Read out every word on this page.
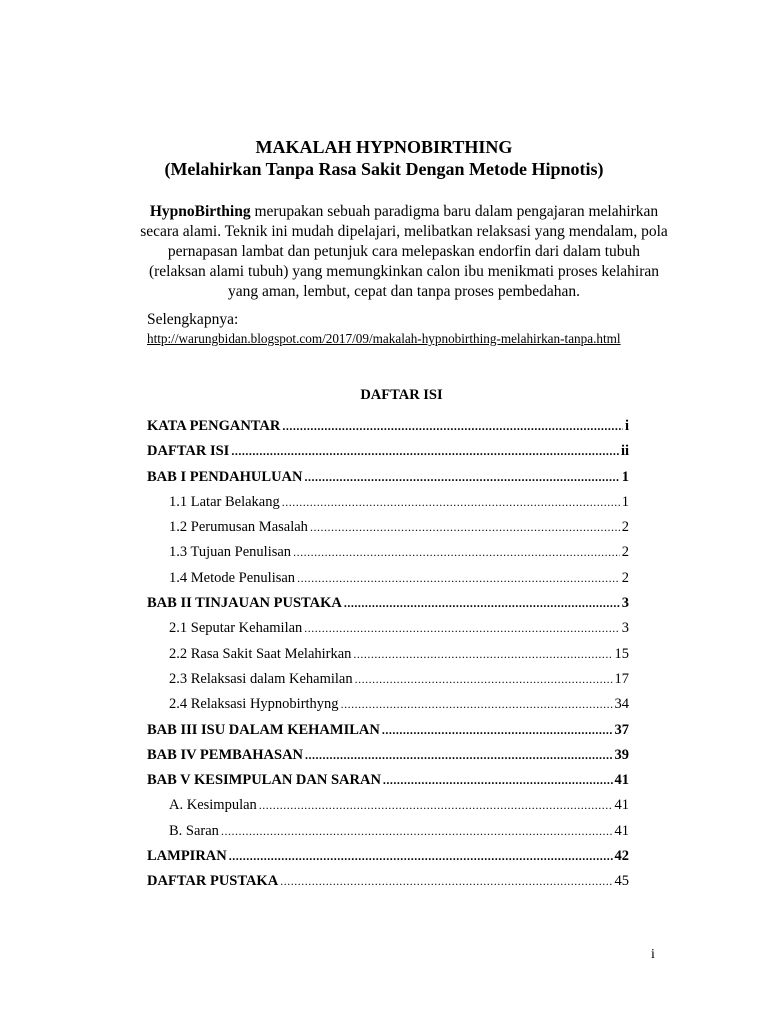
MAKALAH HYPNOBIRTHING
(Melahirkan Tanpa Rasa Sakit Dengan Metode Hipnotis)
HypnoBirthing merupakan sebuah paradigma baru dalam pengajaran melahirkan secara alami. Teknik ini mudah dipelajari, melibatkan relaksasi yang mendalam, pola pernapasan lambat dan petunjuk cara melepaskan endorfin dari dalam tubuh (relaksan alami tubuh) yang memungkinkan calon ibu menikmati proses kelahiran yang aman, lembut, cepat dan tanpa proses pembedahan.
Selengkapnya:
http://warungbidan.blogspot.com/2017/09/makalah-hypnobirthing-melahirkan-tanpa.html
DAFTAR ISI
KATA PENGANTAR .....	i
DAFTAR ISI .....	ii
BAB I PENDAHULUAN .....	1
1.1 Latar Belakang .....	1
1.2 Perumusan Masalah .....	2
1.3 Tujuan Penulisan .....	2
1.4 Metode Penulisan .....	2
BAB II TINJAUAN PUSTAKA .....	3
2.1 Seputar Kehamilan .....	3
2.2 Rasa Sakit Saat Melahirkan .....	15
2.3 Relaksasi dalam Kehamilan .....	17
2.4 Relaksasi Hypnobirthyng .....	34
BAB III ISU DALAM KEHAMILAN .....	37
BAB IV PEMBAHASAN .....	39
BAB V KESIMPULAN DAN SARAN .....	41
A. Kesimpulan .....	41
B. Saran .....	41
LAMPIRAN .....	42
DAFTAR PUSTAKA .....	45
i
